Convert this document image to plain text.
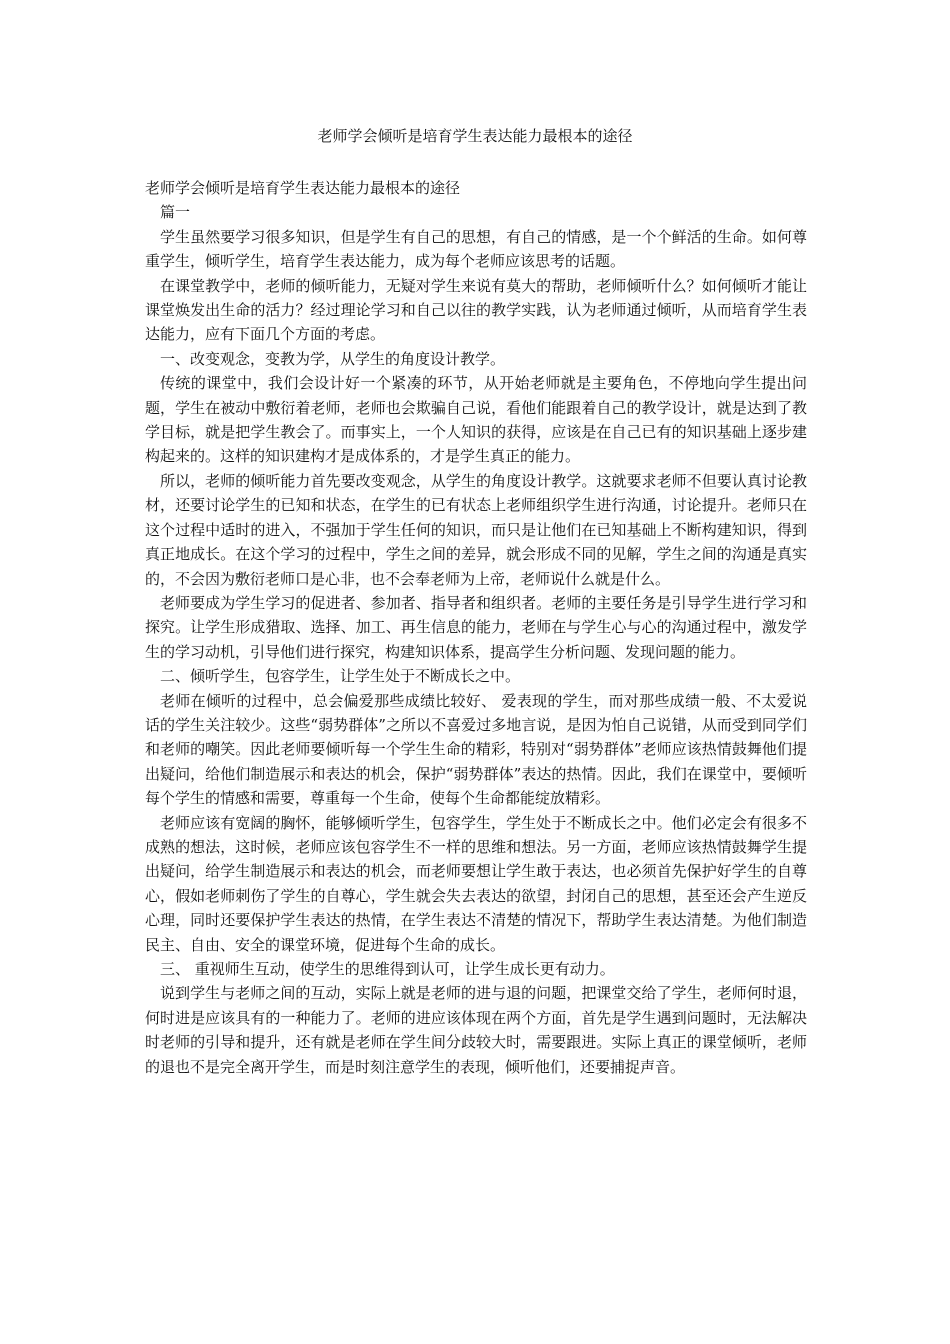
老师学会倾听是培育学生表达能力最根本的途径

老师学会倾听是培育学生表达能力最根本的途径

篇一

学生虽然要学习很多知识，但是学生有自己的思想，有自己的情感，是一个个鲜活的生命。如何尊重学生，倾听学生，培育学生表达能力，成为每个老师应该思考的话题。

在课堂教学中，老师的倾听能力，无疑对学生来说有莫大的帮助，老师倾听什么？如何倾听才能让课堂焕发出生命的活力？经过理论学习和自己以往的教学实践，认为老师通过倾听，从而培育学生表达能力，应有下面几个方面的考虑。

一、改变观念，变教为学，从学生的角度设计教学。

传统的课堂中，我们会设计好一个紧凑的环节，从开始老师就是主要角色，不停地向学生提出问题，学生在被动中敷衍着老师，老师也会欺骗自己说，看他们能跟着自己的教学设计，就是达到了教学目标，就是把学生教会了。而事实上，一个人知识的获得，应该是在自己已有的知识基础上逐步建构起来的。这样的知识建构才是成体系的，才是学生真正的能力。

所以，老师的倾听能力首先要改变观念，从学生的角度设计教学。这就要求老师不但要认真讨论教材，还要讨论学生的已知和状态，在学生的已有状态上老师组织学生进行沟通，讨论提升。老师只在这个过程中适时的进入，不强加于学生任何的知识，而只是让他们在已知基础上不断构建知识，得到真正地成长。在这个学习的过程中，学生之间的差异，就会形成不同的见解，学生之间的沟通是真实的，不会因为敷衍老师口是心非，也不会奉老师为上帝，老师说什么就是什么。

老师要成为学生学习的促进者、参加者、指导者和组织者。老师的主要任务是引导学生进行学习和探究。让学生形成猎取、选择、加工、再生信息的能力，老师在与学生心与心的沟通过程中，激发学生的学习动机，引导他们进行探究，构建知识体系，提高学生分析问题、发现问题的能力。

二、倾听学生，包容学生，让学生处于不断成长之中。

老师在倾听的过程中，总会偏爱那些成绩比较好、 爱表现的学生，而对那些成绩一般、不太爱说话的学生关注较少。这些“弱势群体”之所以不喜爱过多地言说，是因为怕自己说错，从而受到同学们和老师的嘲笑。因此老师要倾听每一个学生生命的精彩，特别对“弱势群体”老师应该热情鼓舞他们提出疑问，给他们制造展示和表达的机会，保护“弱势群体”表达的热情。因此，我们在课堂中，要倾听每个学生的情感和需要，尊重每一个生命，使每个生命都能绽放精彩。

老师应该有宽阔的胸怀，能够倾听学生，包容学生，学生处于不断成长之中。他们必定会有很多不成熟的想法，这时候，老师应该包容学生不一样的思维和想法。另一方面，老师应该热情鼓舞学生提出疑问，给学生制造展示和表达的机会，而老师要想让学生敢于表达，也必须首先保护好学生的自尊心，假如老师刺伤了学生的自尊心，学生就会失去表达的欲望，封闭自己的思想，甚至还会产生逆反心理，同时还要保护学生表达的热情，在学生表达不清楚的情况下，帮助学生表达清楚。为他们制造民主、自由、安全的课堂环境，促进每个生命的成长。

三、 重视师生互动，使学生的思维得到认可，让学生成长更有动力。

说到学生与老师之间的互动，实际上就是老师的进与退的问题，把课堂交给了学生，老师何时退，何时进是应该具有的一种能力了。老师的进应该体现在两个方面，首先是学生遇到问题时，无法解决时老师的引导和提升，还有就是老师在学生间分歧较大时，需要跟进。实际上真正的课堂倾听，老师的退也不是完全离开学生，而是时刻注意学生的表现，倾听他们，还要捕捉声音。
